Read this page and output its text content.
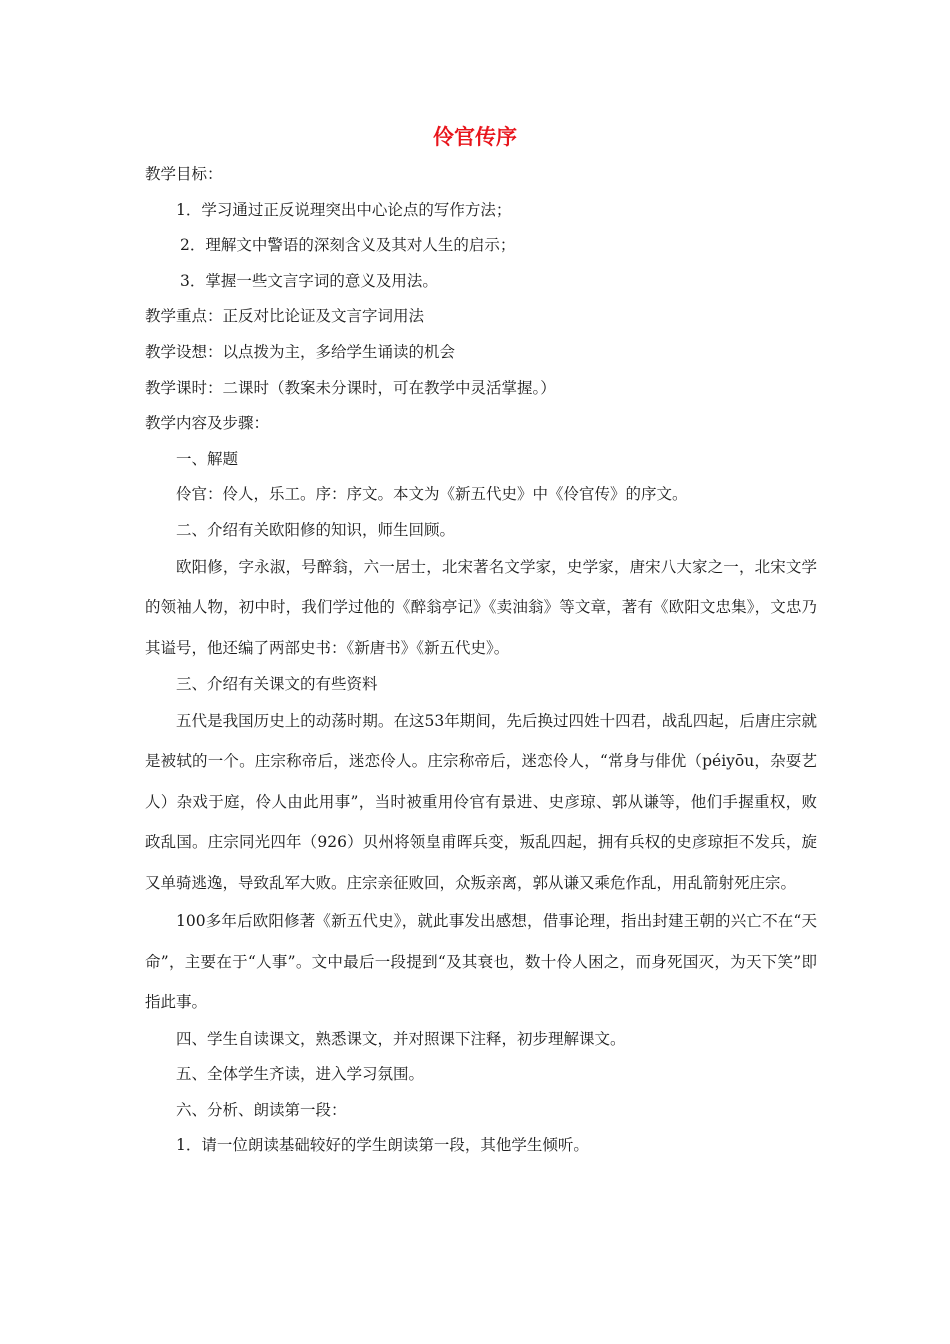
伶官传序
教学目标：
1．学习通过正反说理突出中心论点的写作方法；
2．理解文中警语的深刻含义及其对人生的启示；
3．掌握一些文言字词的意义及用法。
教学重点：正反对比论证及文言字词用法
教学设想：以点拨为主，多给学生诵读的机会
教学课时：二课时（教案未分课时，可在教学中灵活掌握。）
教学内容及步骤：
一、解题
伶官：伶人，乐工。序：序文。本文为《新五代史》中《伶官传》的序文。
二、介绍有关欧阳修的知识，师生回顾。
欧阳修，字永淑，号醉翁，六一居士，北宋著名文学家，史学家，唐宋八大家之一，北宋文学的领袖人物，初中时，我们学过他的《醉翁亭记》《卖油翁》等文章，著有《欧阳文忠集》，文忠乃其谥号，他还编了两部史书：《新唐书》《新五代史》。
三、介绍有关课文的有些资料
五代是我国历史上的动荡时期。在这53年期间，先后换过四姓十四君，战乱四起，后唐庄宗就是被轼的一个。庄宗称帝后，迷恋伶人。庄宗称帝后，迷恋伶人，“常身与俳优（péiyōu，杂耍艺人）杂戏于庭，伶人由此用事”，当时被重用伶官有景进、史彦琼、郭从谦等，他们手握重权，败政乱国。庄宗同光四年（926）贝州将领皇甫晖兵变，叛乱四起，拥有兵权的史彦琼拒不发兵，旋又单骑逃逸，导致乱军大败。庄宗亲征败回，众叛亲离，郭从谦又乘危作乱，用乱箭射死庄宗。
100多年后欧阳修著《新五代史》，就此事发出感想，借事论理，指出封建王朝的兴亡不在“天命”，主要在于“人事”。文中最后一段提到“及其衰也，数十伶人困之，而身死国灭，为天下笑”即指此事。
四、学生自读课文，熟悉课文，并对照课下注释，初步理解课文。
五、全体学生齐读，进入学习氛围。
六、分析、朗读第一段：
1．请一位朗读基础较好的学生朗读第一段，其他学生倾听。
